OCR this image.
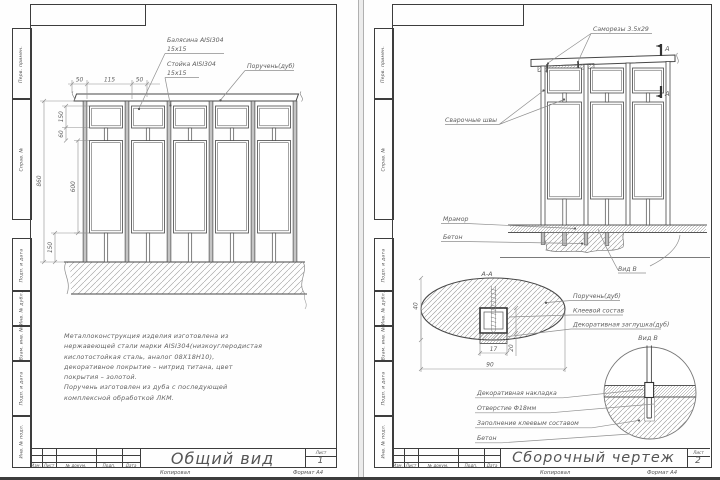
Перв. примен.
Справ. №
Подп. и дата
Инв. № дубл.
Взам. инв. №
Подп. и дата
Инв. № подл.
50	115	50
860
150
60
600
150
Балясина AISI304
15х15
Стойка AISI304
15х15
Поручень(дуб)
Металлоконструкция изделия изготовлена из
нержавеющей стали марки AISI304(низкоуглеродистая
кислотостойкая сталь, аналог 08Х18Н10),
декоративное покрытие – нитрид титана, цвет
покрытия – золотой.
Поручень изготовлен из дуба с последующей
комплексной обработкой ЛКМ.
Изм. Лист	№ докум.	Подп.	Дата	Общий вид	Лист
1
Копировал	Формат А4
Перв. примен.
Справ. №
Подп. и дата
Инв. № дубл.
Взам. инв. №
Подп. и дата
Инв. № подл.
А
А
Саморезы 3.5х29
Сварочные швы
Мрамор
Бетон
Вид В
А-А
40
17 20
90
Поручень(дуб)
Клеевой состав
Декоративная заглушка(дуб)
Вид В
Декоративная накладка
Отверстие Ф18мм
Заполнение клеевым составом
Бетон
Изм. Лист	№ докум.	Подп.	Дата	Сборочный чертеж	Лист
2
Копировал	Формат А4
